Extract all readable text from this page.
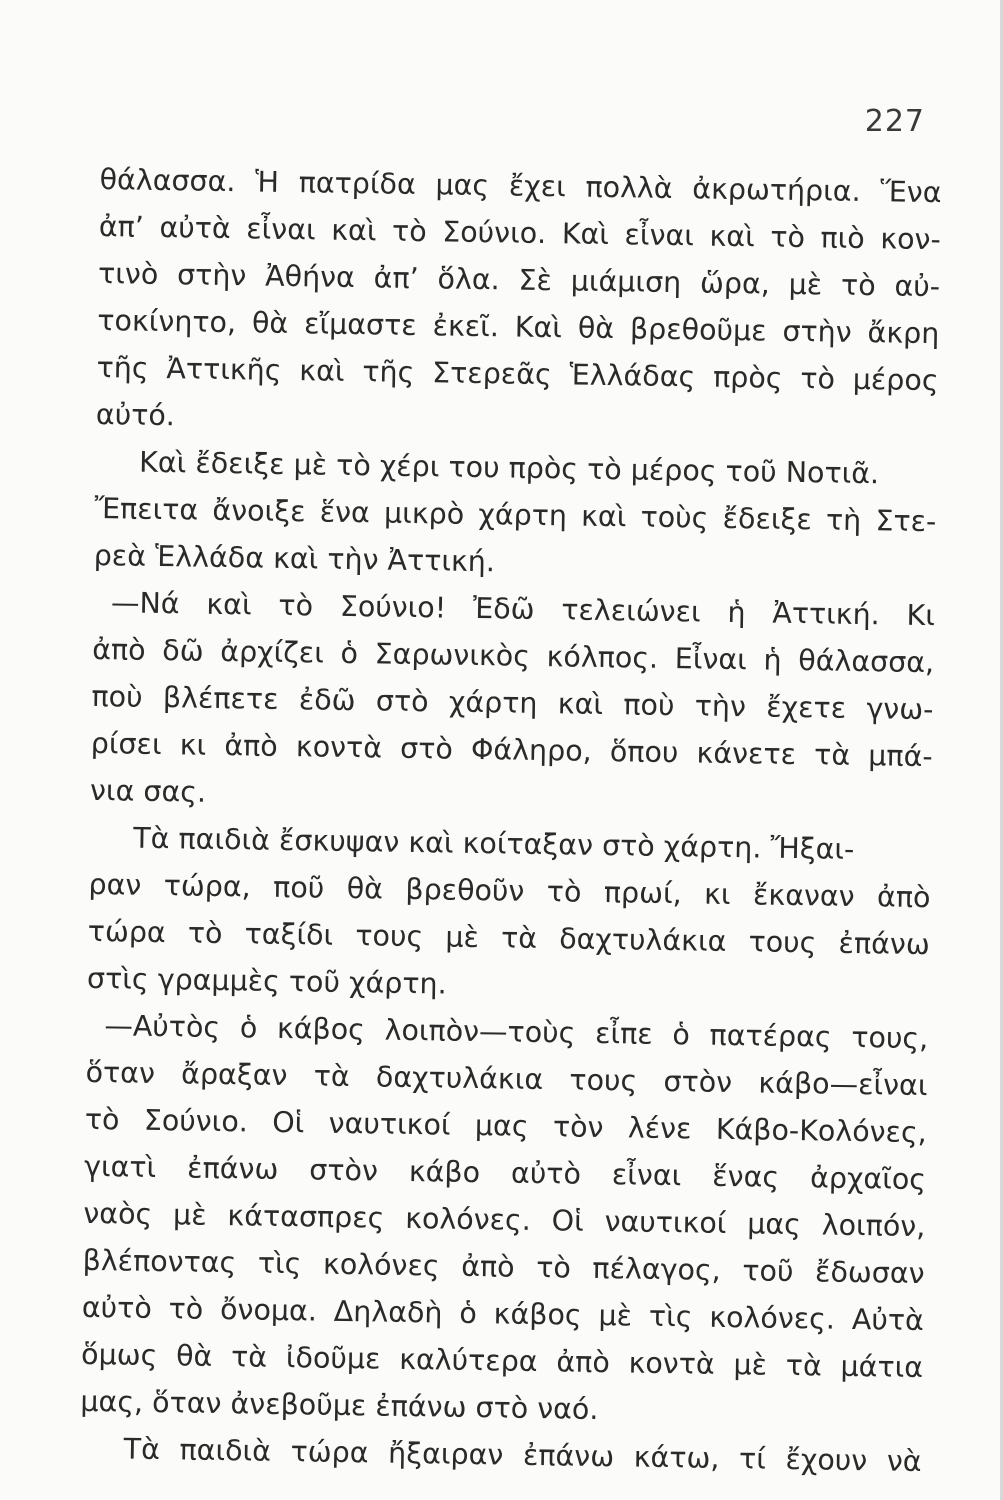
227
θάλασσα. Ἡ πατρίδα μας ἔχει πολλὰ ἀκρωτήρια. Ἕνα
ἀπ’ αὐτὰ εἶναι καὶ τὸ Σούνιο. Καὶ εἶναι καὶ τὸ πιὸ κον-
τινὸ στὴν Ἀθήνα ἀπ’ ὅλα. Σὲ μιάμιση ὥρα, μὲ τὸ αὐ-
τοκίνητο, θὰ εἴμαστε ἐκεῖ. Καὶ θὰ βρεθοῦμε στὴν ἄκρη
τῆς Ἀττικῆς καὶ τῆς Στερεᾶς Ἑλλάδας πρὸς τὸ μέρος
αὐτό.
Καὶ ἔδειξε μὲ τὸ χέρι του πρὸς τὸ μέρος τοῦ Νοτιᾶ.
Ἔπειτα ἄνοιξε ἕνα μικρὸ χάρτη καὶ τοὺς ἔδειξε τὴ Στε-
ρεὰ Ἑλλάδα καὶ τὴν Ἀττική.
—Νά καὶ τὸ Σούνιο! Ἐδῶ τελειώνει ἡ Ἀττική. Κι
ἀπὸ δῶ ἀρχίζει ὁ Σαρωνικὸς κόλπος. Εἶναι ἡ θάλασσα,
ποὺ βλέπετε ἐδῶ στὸ χάρτη καὶ ποὺ τὴν ἔχετε γνω-
ρίσει κι ἀπὸ κοντὰ στὸ Φάληρο, ὅπου κάνετε τὰ μπά-
νια σας.
Τὰ παιδιὰ ἔσκυψαν καὶ κοίταξαν στὸ χάρτη. Ἤξαι-
ραν τώρα, ποῦ θὰ βρεθοῦν τὸ πρωί, κι ἔκαναν ἀπὸ
τώρα τὸ ταξίδι τους μὲ τὰ δαχτυλάκια τους ἐπάνω
στὶς γραμμὲς τοῦ χάρτη.
—Αὐτὸς ὁ κάβος λοιπὸν—τοὺς εἶπε ὁ πατέρας τους,
ὅταν ἄραξαν τὰ δαχτυλάκια τους στὸν κάβο—εἶναι
τὸ Σούνιο. Οἱ ναυτικοί μας τὸν λένε Κάβο-Κολόνες,
γιατὶ ἐπάνω στὸν κάβο αὐτὸ εἶναι ἕνας ἀρχαῖος
ναὸς μὲ κάτασπρες κολόνες. Οἱ ναυτικοί μας λοιπόν,
βλέποντας τὶς κολόνες ἀπὸ τὸ πέλαγος, τοῦ ἔδωσαν
αὐτὸ τὸ ὄνομα. Δηλαδὴ ὁ κάβος μὲ τὶς κολόνες. Αὐτὰ
ὅμως θὰ τὰ ἰδοῦμε καλύτερα ἀπὸ κοντὰ μὲ τὰ μάτια
μας, ὅταν ἀνεβοῦμε ἐπάνω στὸ ναό.
Τὰ παιδιὰ τώρα ἤξαιραν ἐπάνω κάτω, τί ἔχουν νὰ
